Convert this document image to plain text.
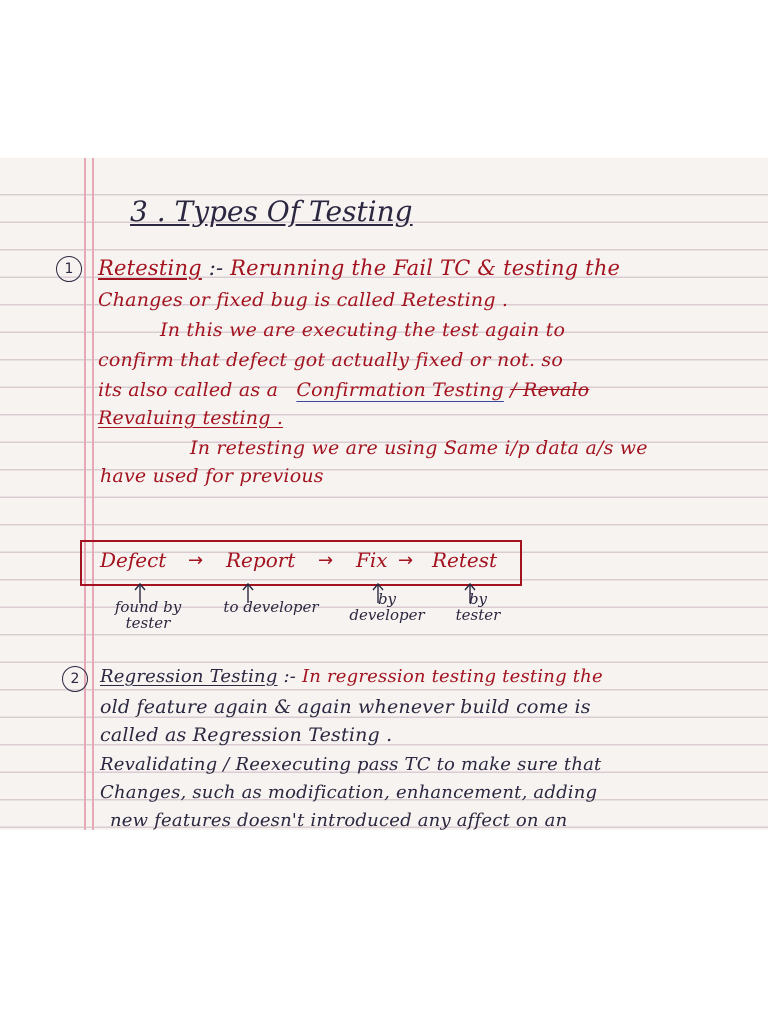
3 . Types Of Testing
1	Retesting :- Rerunning the Fail TC & testing the

Changes or fixed bug is called Retesting .

In this we are executing the test again to

confirm that defect got actually fixed or not. so

its also called as a Confirmation Testing / Revalo

Revaluing testing .

In retesting we are using Same i/p data a/s we

have used for previous

Defect → Report → Fix → Retest
found by tester
to developer	by developer
by tester
2	Regression Testing :- In regression testing testing the

old feature again & again whenever build come is

called as Regression Testing .

Revalidating / Reexecuting pass TC to make sure that

Changes, such as modification, enhancement, adding

new features doesn't introduced any affect on an
